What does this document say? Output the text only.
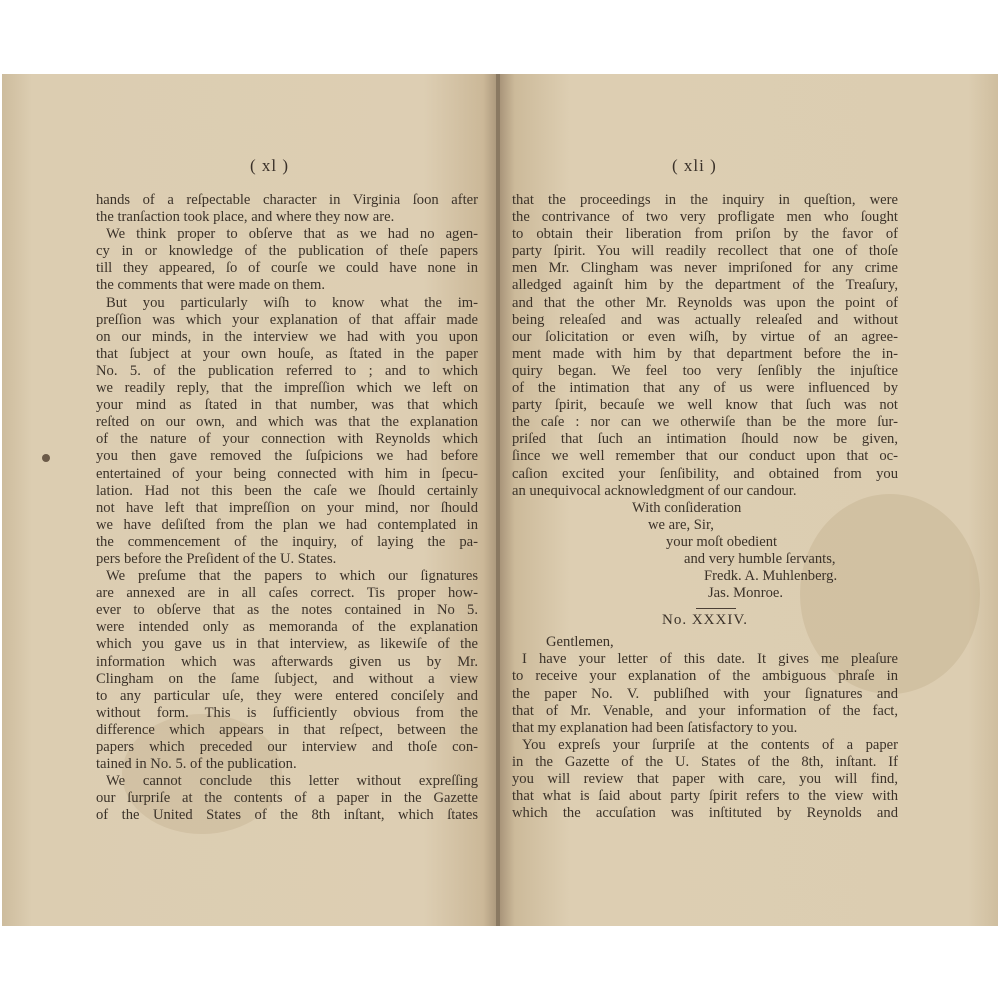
( xl )
hands of a reſpectable character in Virginia ſoon after
the tranſaction took place, and where they now are.
We think proper to obſerve that as we had no agen-
cy in or knowledge of the publication of theſe papers
till they appeared, ſo of courſe we could have none in
the comments that were made on them.
But you particularly wiſh to know what the im-
preſſion was which your explanation of that affair made
on our minds, in the interview we had with you upon
that ſubject at your own houſe, as ſtated in the paper
No. 5. of the publication referred to ; and to which
we readily reply, that the impreſſion which we left on
your mind as ſtated in that number, was that which
reſted on our own, and which was that the explanation
of the nature of your connection with Reynolds which
you then gave removed the ſuſpicions we had before
entertained of your being connected with him in ſpecu-
lation. Had not this been the caſe we ſhould certainly
not have left that impreſſion on your mind, nor ſhould
we have deſiſted from the plan we had contemplated in
the commencement of the inquiry, of laying the pa-
pers before the Preſident of the U. States.
We preſume that the papers to which our ſignatures
are annexed are in all caſes correct. Tis proper how-
ever to obſerve that as the notes contained in No 5.
were intended only as memoranda of the explanation
which you gave us in that interview, as likewiſe of the
information which was afterwards given us by Mr.
Clingham on the ſame ſubject, and without a view
to any particular uſe, they were entered conciſely and
without form. This is ſufficiently obvious from the
difference which appears in that reſpect, between the
papers which preceded our interview and thoſe con-
tained in No. 5. of the publication.
We cannot conclude this letter without expreſſing
our ſurpriſe at the contents of a paper in the Gazette
of the United States of the 8th inſtant, which ſtates
( xli )
that the proceedings in the inquiry in queſtion, were
the contrivance of two very profligate men who ſought
to obtain their liberation from priſon by the favor of
party ſpirit. You will readily recollect that one of thoſe
men Mr. Clingham was never impriſoned for any crime
alledged againſt him by the department of the Treaſury,
and that the other Mr. Reynolds was upon the point of
being releaſed and was actually releaſed and without
our ſolicitation or even wiſh, by virtue of an agree-
ment made with him by that department before the in-
quiry began. We feel too very ſenſibly the injuſtice
of the intimation that any of us were influenced by
party ſpirit, becauſe we well know that ſuch was not
the caſe : nor can we otherwiſe than be the more ſur-
priſed that ſuch an intimation ſhould now be given,
ſince we well remember that our conduct upon that oc-
caſion excited your ſenſibility, and obtained from you
an unequivocal acknowledgment of our candour.
With conſideration
we are, Sir,
your moſt obedient
and very humble ſervants,
Fredk. A. Muhlenberg.
Jas. Monroe.
No. XXXIV.
Gentlemen,
I have your letter of this date. It gives me pleaſure
to receive your explanation of the ambiguous phraſe in
the paper No. V. publiſhed with your ſignatures and
that of Mr. Venable, and your information of the fact,
that my explanation had been ſatisfactory to you.
You expreſs your ſurpriſe at the contents of a paper
in the Gazette of the U. States of the 8th, inſtant. If
you will review that paper with care, you will find,
that what is ſaid about party ſpirit refers to the view with
which the accuſation was inſtituted by Reynolds and
